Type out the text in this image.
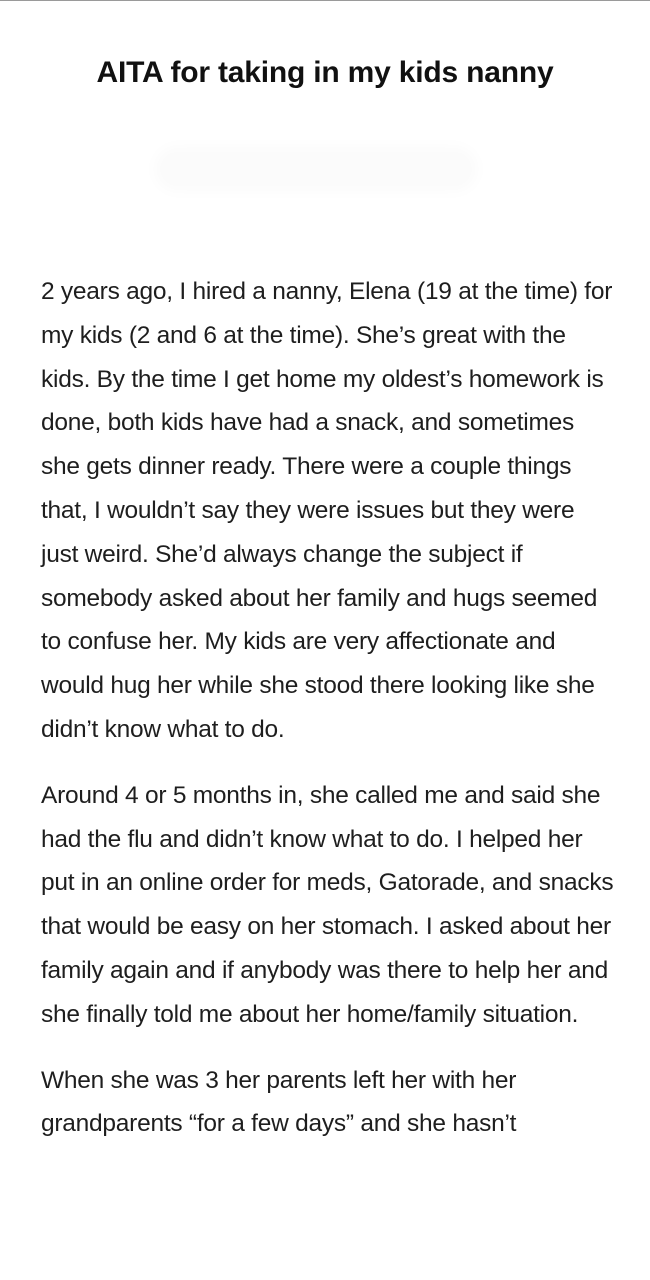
AITA for taking in my kids nanny

2 years ago, I hired a nanny, Elena (19 at the time) for my kids (2 and 6 at the time). She’s great with the kids. By the time I get home my oldest’s homework is done, both kids have had a snack, and sometimes she gets dinner ready. There were a couple things that, I wouldn’t say they were issues but they were just weird. She’d always change the subject if somebody asked about her family and hugs seemed to confuse her. My kids are very affectionate and would hug her while she stood there looking like she didn’t know what to do.

Around 4 or 5 months in, she called me and said she had the flu and didn’t know what to do. I helped her put in an online order for meds, Gatorade, and snacks that would be easy on her stomach. I asked about her family again and if anybody was there to help her and she finally told me about her home/family situation.

When she was 3 her parents left her with her grandparents “for a few days” and she hasn’t
